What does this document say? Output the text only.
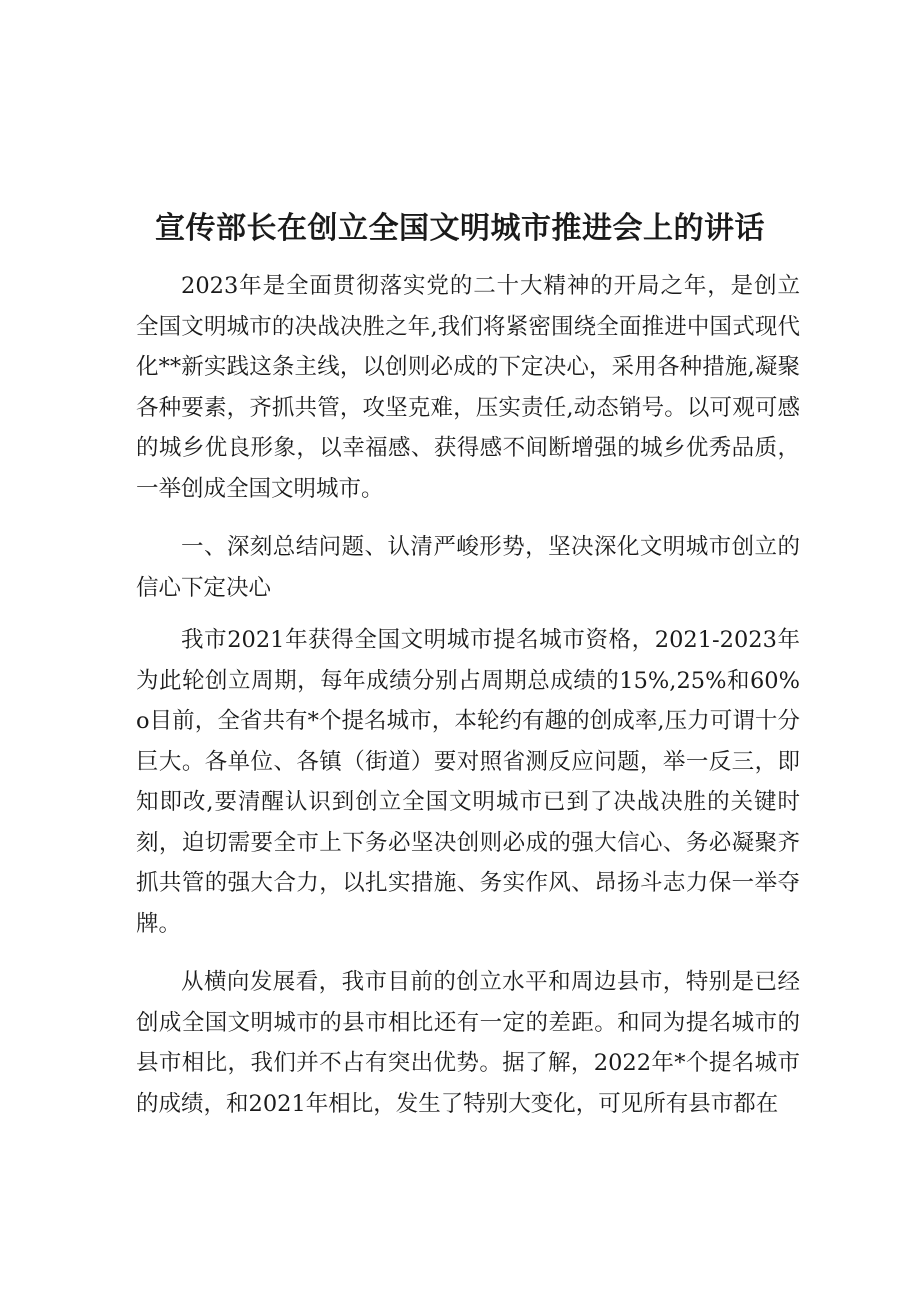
宣传部长在创立全国文明城市推进会上的讲话

2023年是全面贯彻落实党的二十大精神的开局之年，是创立全国文明城市的决战决胜之年,我们将紧密围绕全面推进中国式现代化**新实践这条主线，以创则必成的下定决心，采用各种措施,凝聚各种要素，齐抓共管，攻坚克难，压实责任,动态销号。以可观可感的城乡优良形象，以幸福感、获得感不间断增强的城乡优秀品质，一举创成全国文明城市。

一、深刻总结问题、认清严峻形势，坚决深化文明城市创立的信心下定决心

我市2021年获得全国文明城市提名城市资格，2021-2023年为此轮创立周期，每年成绩分别占周期总成绩的15%,25%和60%o目前，全省共有*个提名城市，本轮约有趣的创成率,压力可谓十分巨大。各单位、各镇（街道）要对照省测反应问题，举一反三，即知即改,要清醒认识到创立全国文明城市已到了决战决胜的关键时刻，迫切需要全市上下务必坚决创则必成的强大信心、务必凝聚齐抓共管的强大合力，以扎实措施、务实作风、昂扬斗志力保一举夺牌。

从横向发展看，我市目前的创立水平和周边县市，特别是已经创成全国文明城市的县市相比还有一定的差距。和同为提名城市的县市相比，我们并不占有突出优势。据了解，2022年*个提名城市的成绩，和2021年相比，发生了特别大变化，可见所有县市都在
